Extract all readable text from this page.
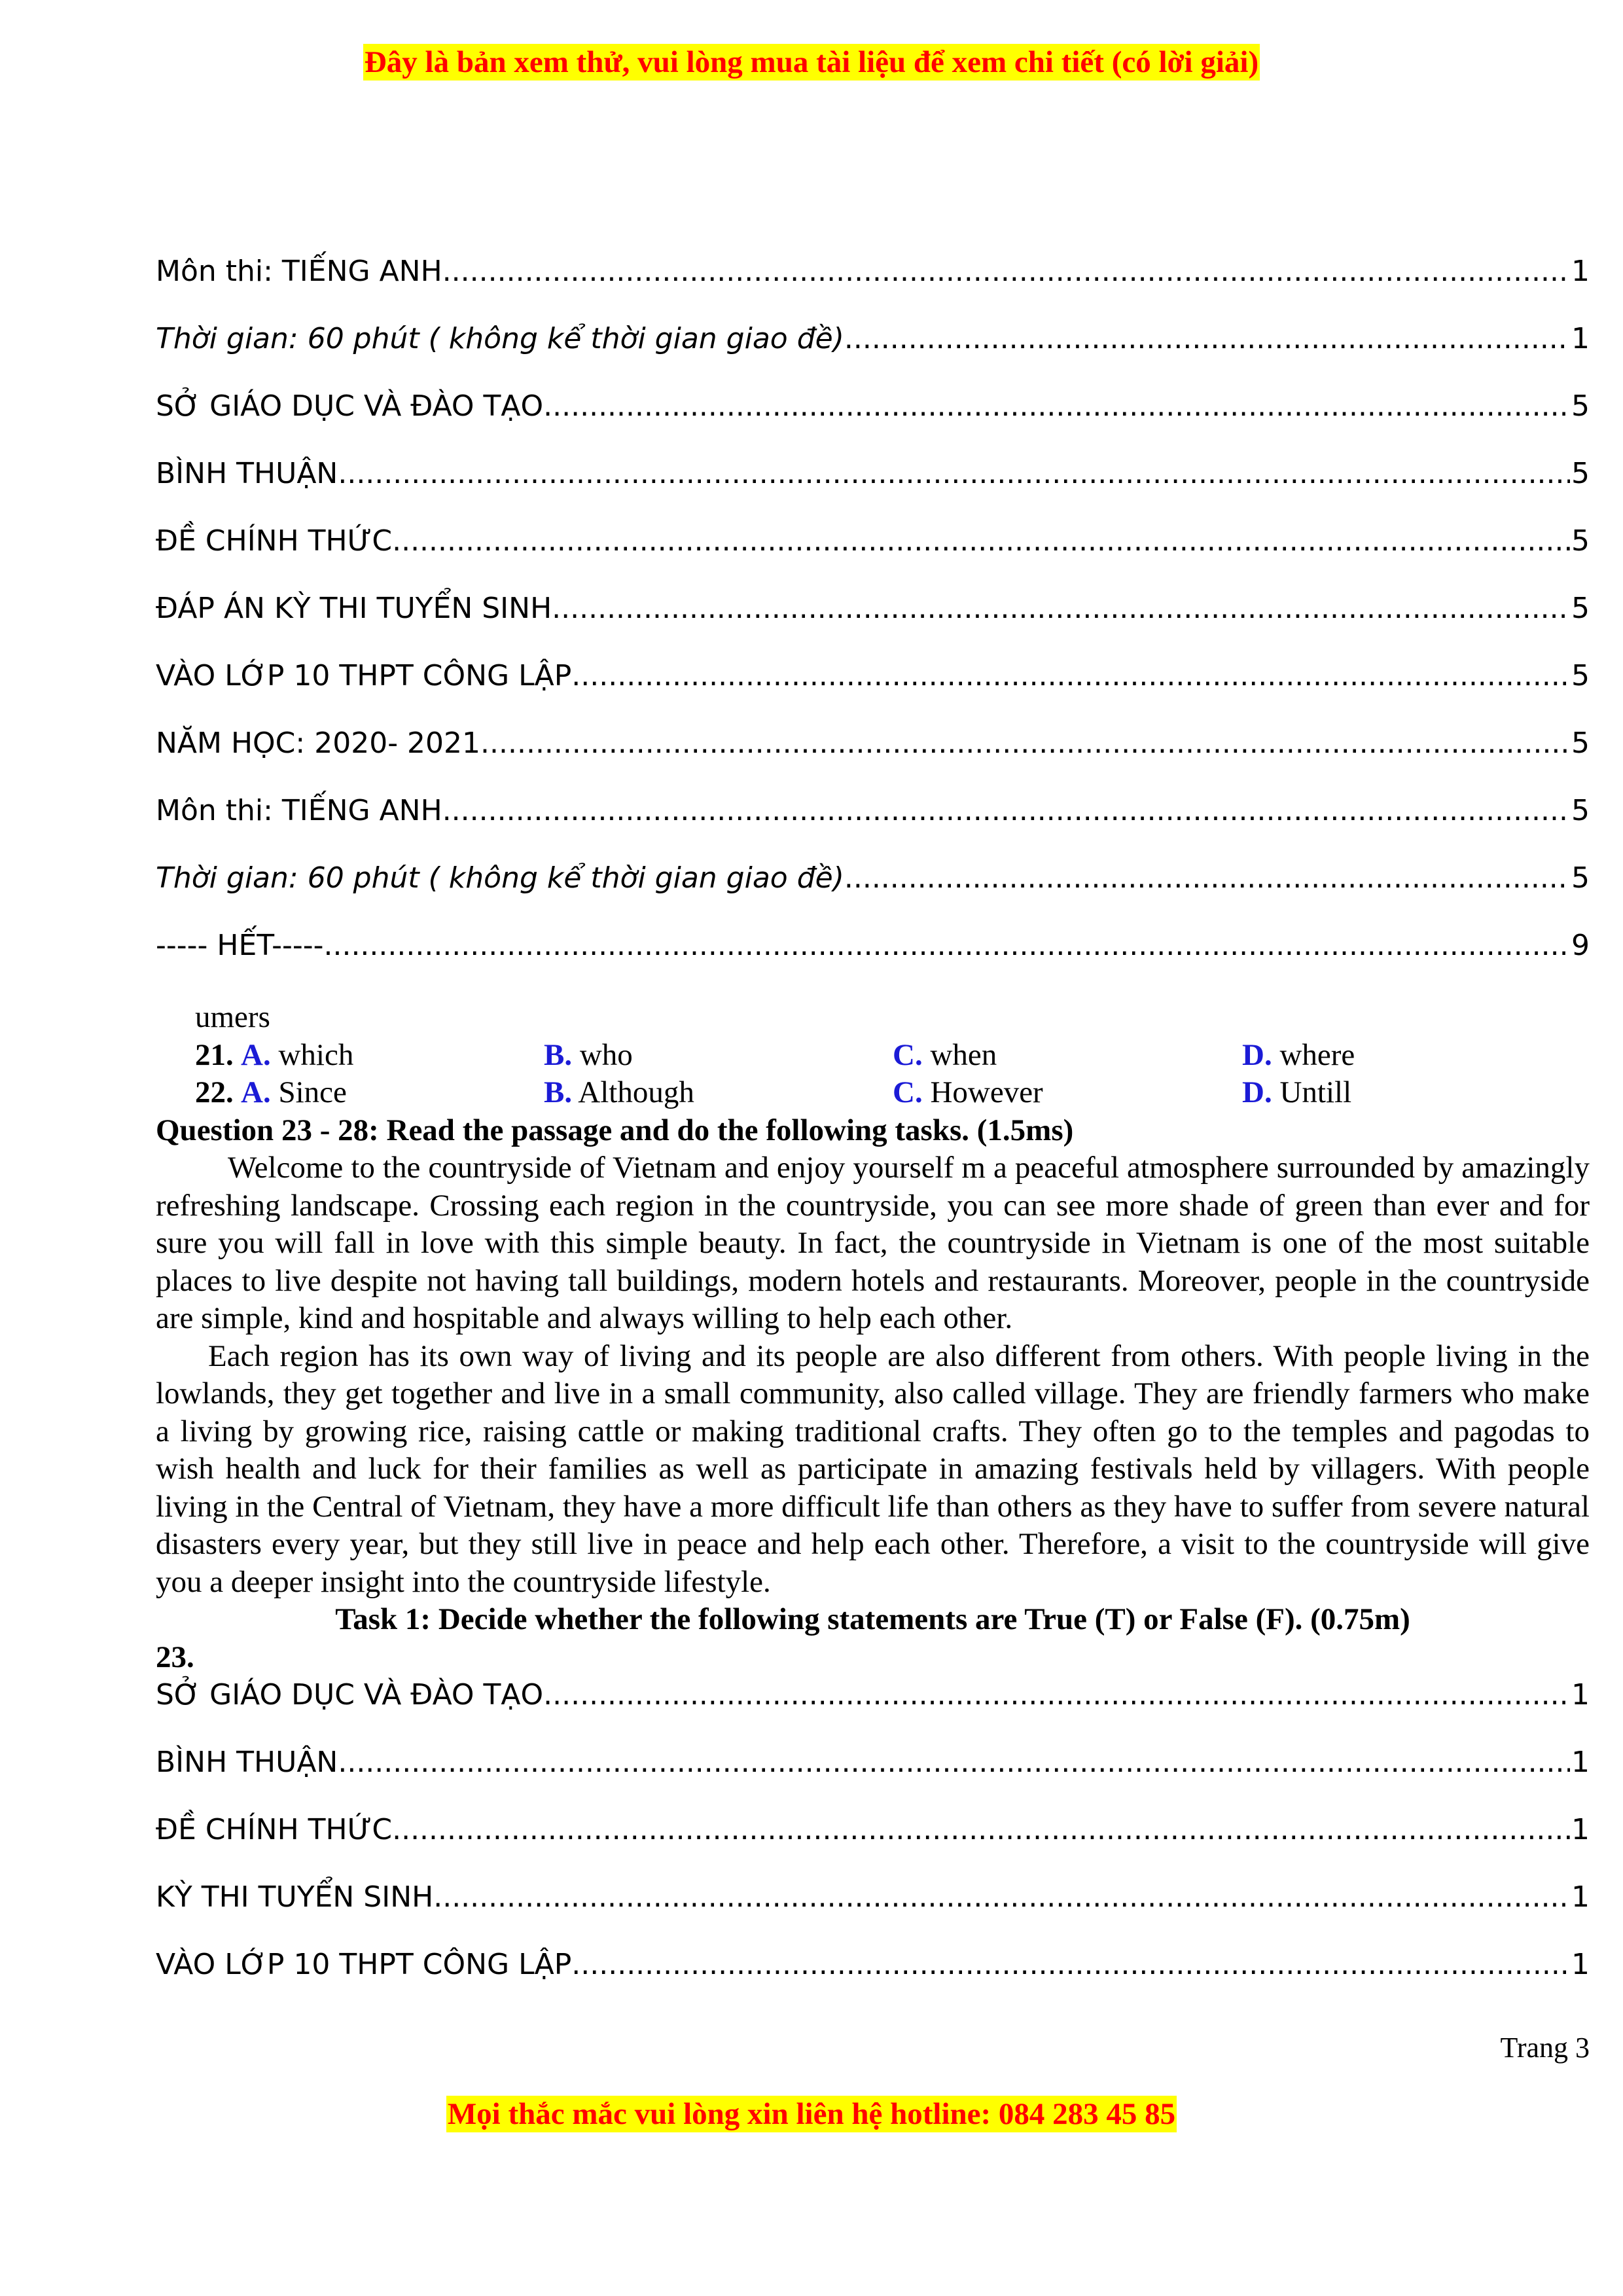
Đây là bản xem thử, vui lòng mua tài liệu để xem chi tiết (có lời giải)
Môn thi: TIẾNG ANH .....	1
Thời gian: 60 phút ( không kể thời gian giao đề) .....	1
SỞ GIÁO DỤC VÀ ĐÀO TẠO .....	5
BÌNH THUẬN .....	5
ĐỀ CHÍNH THỨC .....	5
ĐÁP ÁN KỲ THI TUYỂN SINH .....	5
VÀO LỚP 10 THPT CÔNG LẬP .....	5
NĂM HỌC: 2020- 2021 .....	5
Môn thi: TIẾNG ANH .....	5
Thời gian: 60 phút ( không kể thời gian giao đề) .....	5
----- HẾT----- .....	9
umers
21. A. which	B. who	C. when	D. where
22. A. Since	B. Although	C. However	D. Untill
Question 23 - 28: Read the passage and do the following tasks. (1.5ms)
Welcome to the countryside of Vietnam and enjoy yourself m a peaceful atmosphere surrounded by amazingly refreshing landscape. Crossing each region in the countryside, you can see more shade of green than ever and for sure you will fall in love with this simple beauty. In fact, the countryside in Vietnam is one of the most suitable places to live despite not having tall buildings, modern hotels and restaurants. Moreover, people in the countryside are simple, kind and hospitable and always willing to help each other.
Each region has its own way of living and its people are also different from others. With people living in the lowlands, they get together and live in a small community, also called village. They are friendly farmers who make a living by growing rice, raising cattle or making traditional crafts. They often go to the temples and pagodas to wish health and luck for their families as well as participate in amazing festivals held by villagers. With people living in the Central of Vietnam, they have a more difficult life than others as they have to suffer from severe natural disasters every year, but they still live in peace and help each other. Therefore, a visit to the countryside will give you a deeper insight into the countryside lifestyle.
Task 1: Decide whether the following statements are True (T) or False (F). (0.75m)
23.
SỞ GIÁO DỤC VÀ ĐÀO TẠO .....	1
BÌNH THUẬN .....	1
ĐỀ CHÍNH THỨC .....	1
KỲ THI TUYỂN SINH .....	1
VÀO LỚP 10 THPT CÔNG LẬP .....	1
Trang 3
Mọi thắc mắc vui lòng xin liên hệ hotline: 084 283 45 85
